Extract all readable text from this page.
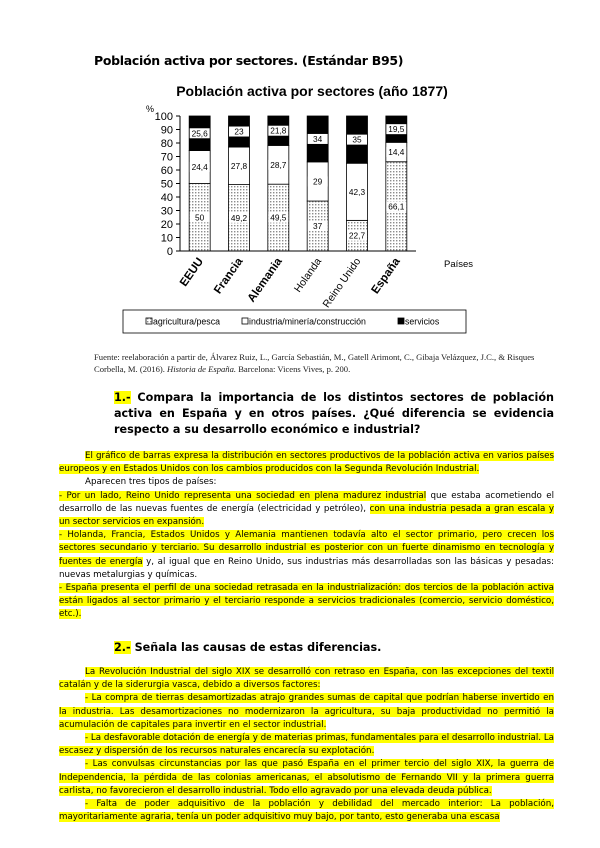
Población activa por sectores. (Estándar B95)
Población activa por sectores (año 1877)
%
0
10
20
30
40
50
60
70
80
90
100
50
24,4
25,6
EEUU
49,2
27,8
23
Francia
49,5
28,7
21,8
Alemania
37
29
34
Holanda
22,7
42,3
35
Reino Unido
66,1
14,4
19,5
España	Países
agricultura/pesca	industria/minería/construcción	servicios
Fuente: reelaboración a partir de, Álvarez Ruiz, L., García Sebastián, M., Gatell Arimont, C., Gibaja Velázquez, J.C., & Risques Corbella, M. (2016). Historia de España. Barcelona: Vicens Vives, p. 200.
1.- Compara la importancia de los distintos sectores de población activa en España y en otros países. ¿Qué diferencia se evidencia respecto a su desarrollo económico e industrial?

El gráfico de barras expresa la distribución en sectores productivos de la población activa en varios países europeos y en Estados Unidos con los cambios producidos con la Segunda Revolución Industrial.

Aparecen tres tipos de países:

- Por un lado, Reino Unido representa una sociedad en plena madurez industrial que estaba acometiendo el desarrollo de las nuevas fuentes de energía (electricidad y petróleo), con una industria pesada a gran escala y un sector servicios en expansión.

- Holanda, Francia, Estados Unidos y Alemania mantienen todavía alto el sector primario, pero crecen los sectores secundario y terciario. Su desarrollo industrial es posterior con un fuerte dinamismo en tecnología y fuentes de energía y, al igual que en Reino Unido, sus industrias más desarrolladas son las básicas y pesadas: nuevas metalurgias y químicas.

- España presenta el perfil de una sociedad retrasada en la industrialización: dos tercios de la población activa están ligados al sector primario y el terciario responde a servicios tradicionales (comercio, servicio doméstico, etc.).

2.- Señala las causas de estas diferencias.

La Revolución Industrial del siglo XIX se desarrolló con retraso en España, con las excepciones del textil catalán y de la siderurgia vasca, debido a diversos factores:

- La compra de tierras desamortizadas atrajo grandes sumas de capital que podrían haberse invertido en la industria. Las desamortizaciones no modernizaron la agricultura, su baja productividad no permitió la acumulación de capitales para invertir en el sector industrial.

- La desfavorable dotación de energía y de materias primas, fundamentales para el desarrollo industrial. La escasez y dispersión de los recursos naturales encarecía su explotación.

- Las convulsas circunstancias por las que pasó España en el primer tercio del siglo XIX, la guerra de Independencia, la pérdida de las colonias americanas, el absolutismo de Fernando VII y la primera guerra carlista, no favorecieron el desarrollo industrial. Todo ello agravado por una elevada deuda pública.

- Falta de poder adquisitivo de la población y debilidad del mercado interior: La población, mayoritariamente agraria, tenía un poder adquisitivo muy bajo, por tanto, esto generaba una escasa
